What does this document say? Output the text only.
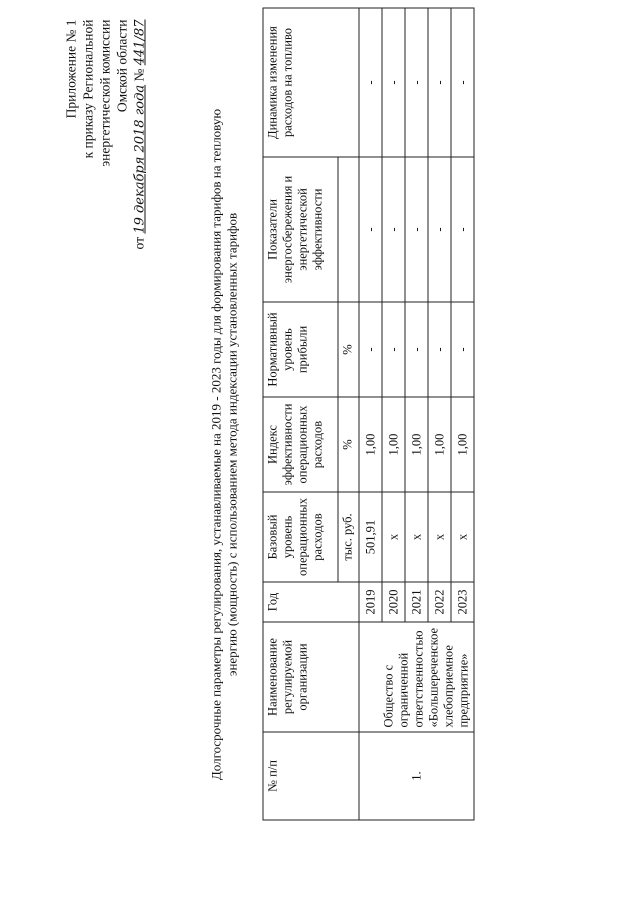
Приложение № 1 к приказу Региональной энергетической комиссии Омской области
от 19 декабря 2018 года № 441/87
Долгосрочные параметры регулирования, устанавливаемые на 2019 - 2023 годы для формирования тарифов на тепловую энергию (мощность) с использованием метода индексации установленных тарифов
№ п/п	Наименование регулируемой организации	Год	Базовый уровень операционных расходов	Индекс эффективности операционных расходов	Нормативный уровень прибыли	Показатели энергосбережения и энергетической эффективности	Динамика изменения расходов на топливо
			тыс. руб.	%	%		
1.	Общество с ограниченной ответственностью «Большереченское хлебоприемное предприятие»	2019	501,91	1,00	-	-	-
		2020	х	1,00	-	-	-
		2021	х	1,00	-	-	-
		2022	х	1,00	-	-	-
		2023	х	1,00	-	-	-
